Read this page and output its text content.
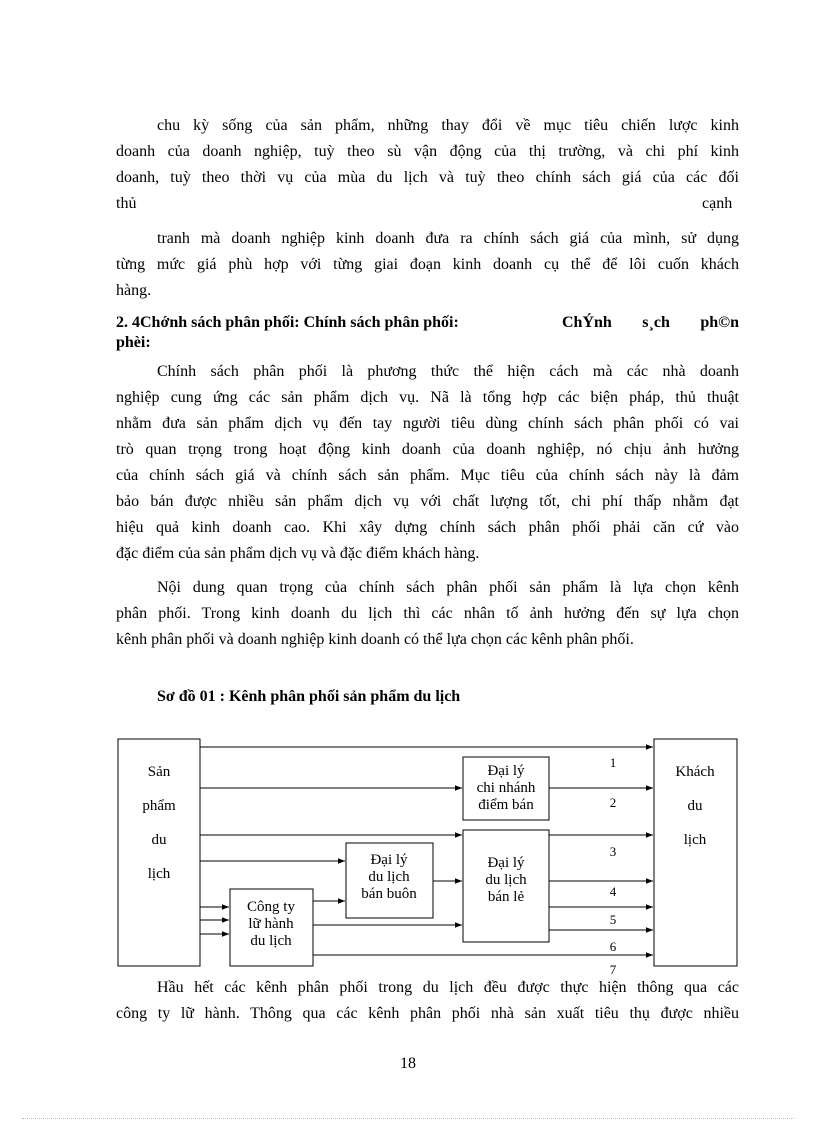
chu kỳ sống của sản phẩm, những thay đổi về mục tiêu chiến lược kinh
doanh của doanh nghiệp, tuỳ theo sù vận động của thị trường, và chi phí kinh
doanh, tuỳ theo thời vụ của mùa du lịch và tuỳ theo chính sách giá của các đối
thủ	cạnh
tranh mà doanh nghiệp kinh doanh đưa ra chính sách giá của mình, sử dụng
từng mức giá phù hợp với từng giai đoạn kinh doanh cụ thể để lôi cuốn khách
hàng.
2. 4Chớnh sách phân phối: Chính sách phân phối:	ChÝnh s¸ch ph©n
phèi:
Chính sách phân phối là phương thức thể hiện cách mà các nhà doanh
nghiệp cung ứng các sản phẩm dịch vụ. Nã là tổng hợp các biện pháp, thủ thuật
nhằm đưa sản phẩm dịch vụ đến tay người tiêu dùng chính sách phân phối có vai
trò quan trọng trong hoạt động kinh doanh của doanh nghiệp, nó chịu ảnh hưởng
của chính sách giá và chính sách sản phẩm. Mục tiêu của chính sách này là đảm
bảo bán được nhiều sản phẩm dịch vụ với chất lượng tốt, chi phí thấp nhằm đạt
hiệu quả kinh doanh cao. Khi xây dựng chính sách phân phối phải căn cứ vào
đặc điểm của sản phẩm dịch vụ và đặc điểm khách hàng.
Nội dung quan trọng của chính sách phân phối sản phẩm là lựa chọn kênh
phân phối. Trong kinh doanh du lịch thì các nhân tố ảnh hưởng đến sự lựa chọn
kênh phân phối và doanh nghiệp kinh doanh có thể lựa chọn các kênh phân phối.
Sơ đồ 01 : Kênh phân phối sản phẩm du lịch
Sản
phẩm
du
lịch
Khách
du
lịch
Đại lý
chi nhánh
điểm bán
Đại lý
du lịch
bán buôn
Đại lý
du lịch
bán lẻ
Công ty
lữ hành
du lịch
1
2
3
4
5
6
7
Hầu hết các kênh phân phối trong du lịch đều được thực hiện thông qua các
công ty lữ hành. Thông qua các kênh phân phối nhà sản xuất tiêu thụ được nhiều
18
